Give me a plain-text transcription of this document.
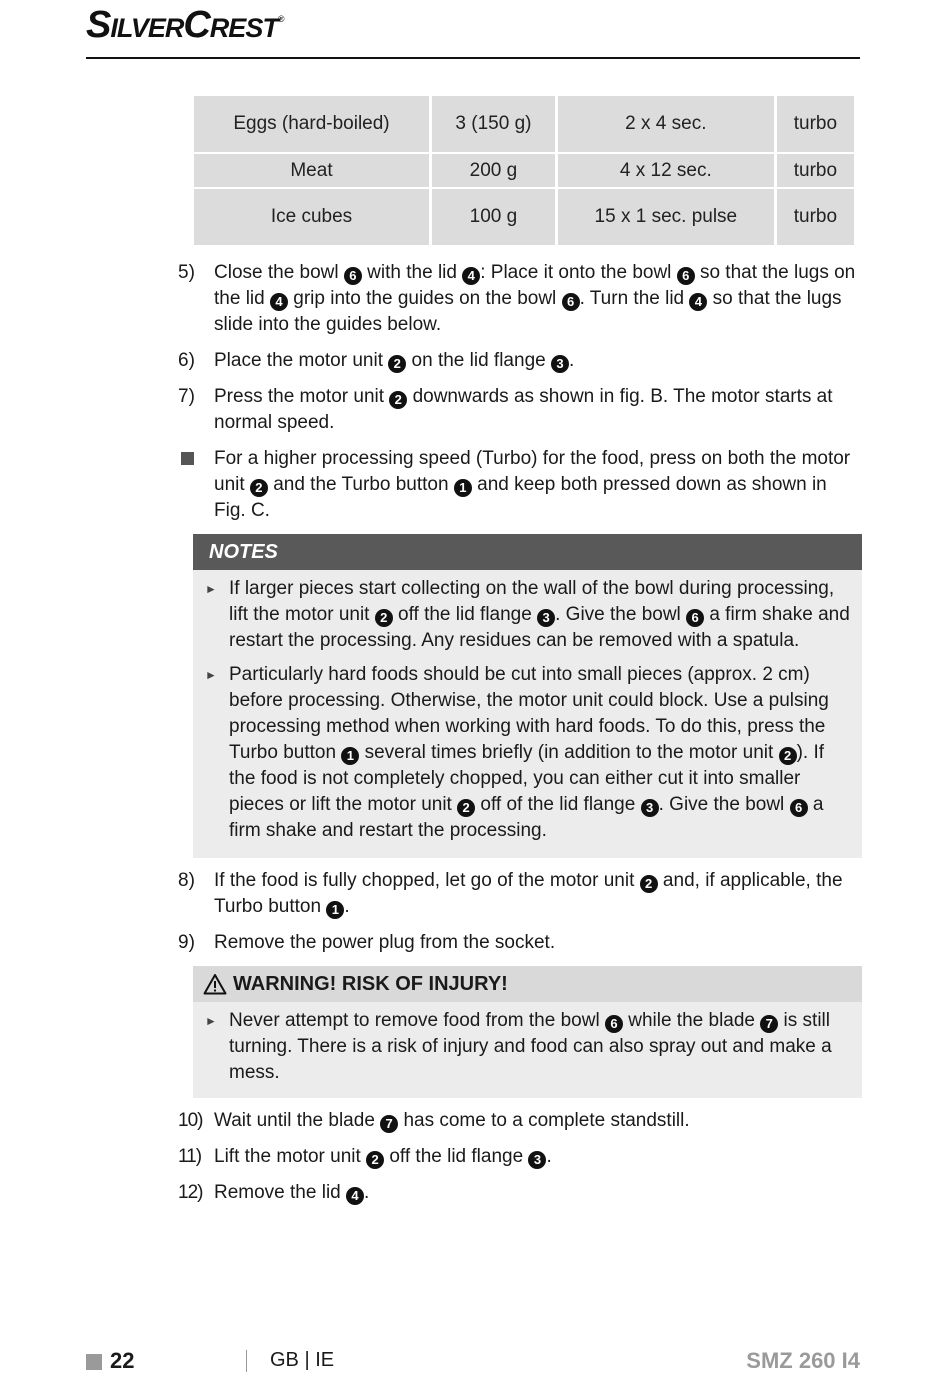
SilverCrest®
Eggs (hard-boiled)	3 (150 g)	2 x 4 sec.	turbo
Meat	200 g	4 x 12 sec.	turbo
Ice cubes	100 g	15 x 1 sec. pulse	turbo
5)	Close the bowl 6 with the lid 4 : Place it onto the bowl 6 so that the lugs on the lid 4 grip into the guides on the bowl 6 . Turn the lid 4 so that the lugs slide into the guides below.
6)	Place the motor unit 2 on the lid flange 3 .
7)	Press the motor unit 2 downwards as shown in fig. B. The motor starts at normal speed.
For a higher processing speed (Turbo) for the food, press on both the motor unit 2 and the Turbo button 1 and keep both pressed down as shown in Fig. C.
NOTES
► If larger pieces start collecting on the wall of the bowl during processing, lift the motor unit 2 off the lid flange 3 . Give the bowl 6 a firm shake and restart the processing. Any residues can be removed with a spatula.
► Particularly hard foods should be cut into small pieces (approx. 2 cm) before processing. Otherwise, the motor unit could block. Use a pulsing processing method when working with hard foods. To do this, press the Turbo button 1 several times briefly (in addition to the motor unit 2 ). If the food is not completely chopped, you can either cut it into smaller pieces or lift the motor unit 2 off of the lid flange 3 . Give the bowl 6 a firm shake and restart the processing.
8)	If the food is fully chopped, let go of the motor unit 2 and, if applicable, the Turbo button 1 .
9)	Remove the power plug from the socket.
WARNING! RISK OF INJURY!
► Never attempt to remove food from the bowl 6 while the blade 7 is still turning. There is a risk of injury and food can also spray out and make a mess.
10) Wait until the blade 7 has come to a complete standstill.
11) Lift the motor unit 2 off the lid flange 3 .
12) Remove the lid 4 .
22	GB | IE	SMZ 260 I4
